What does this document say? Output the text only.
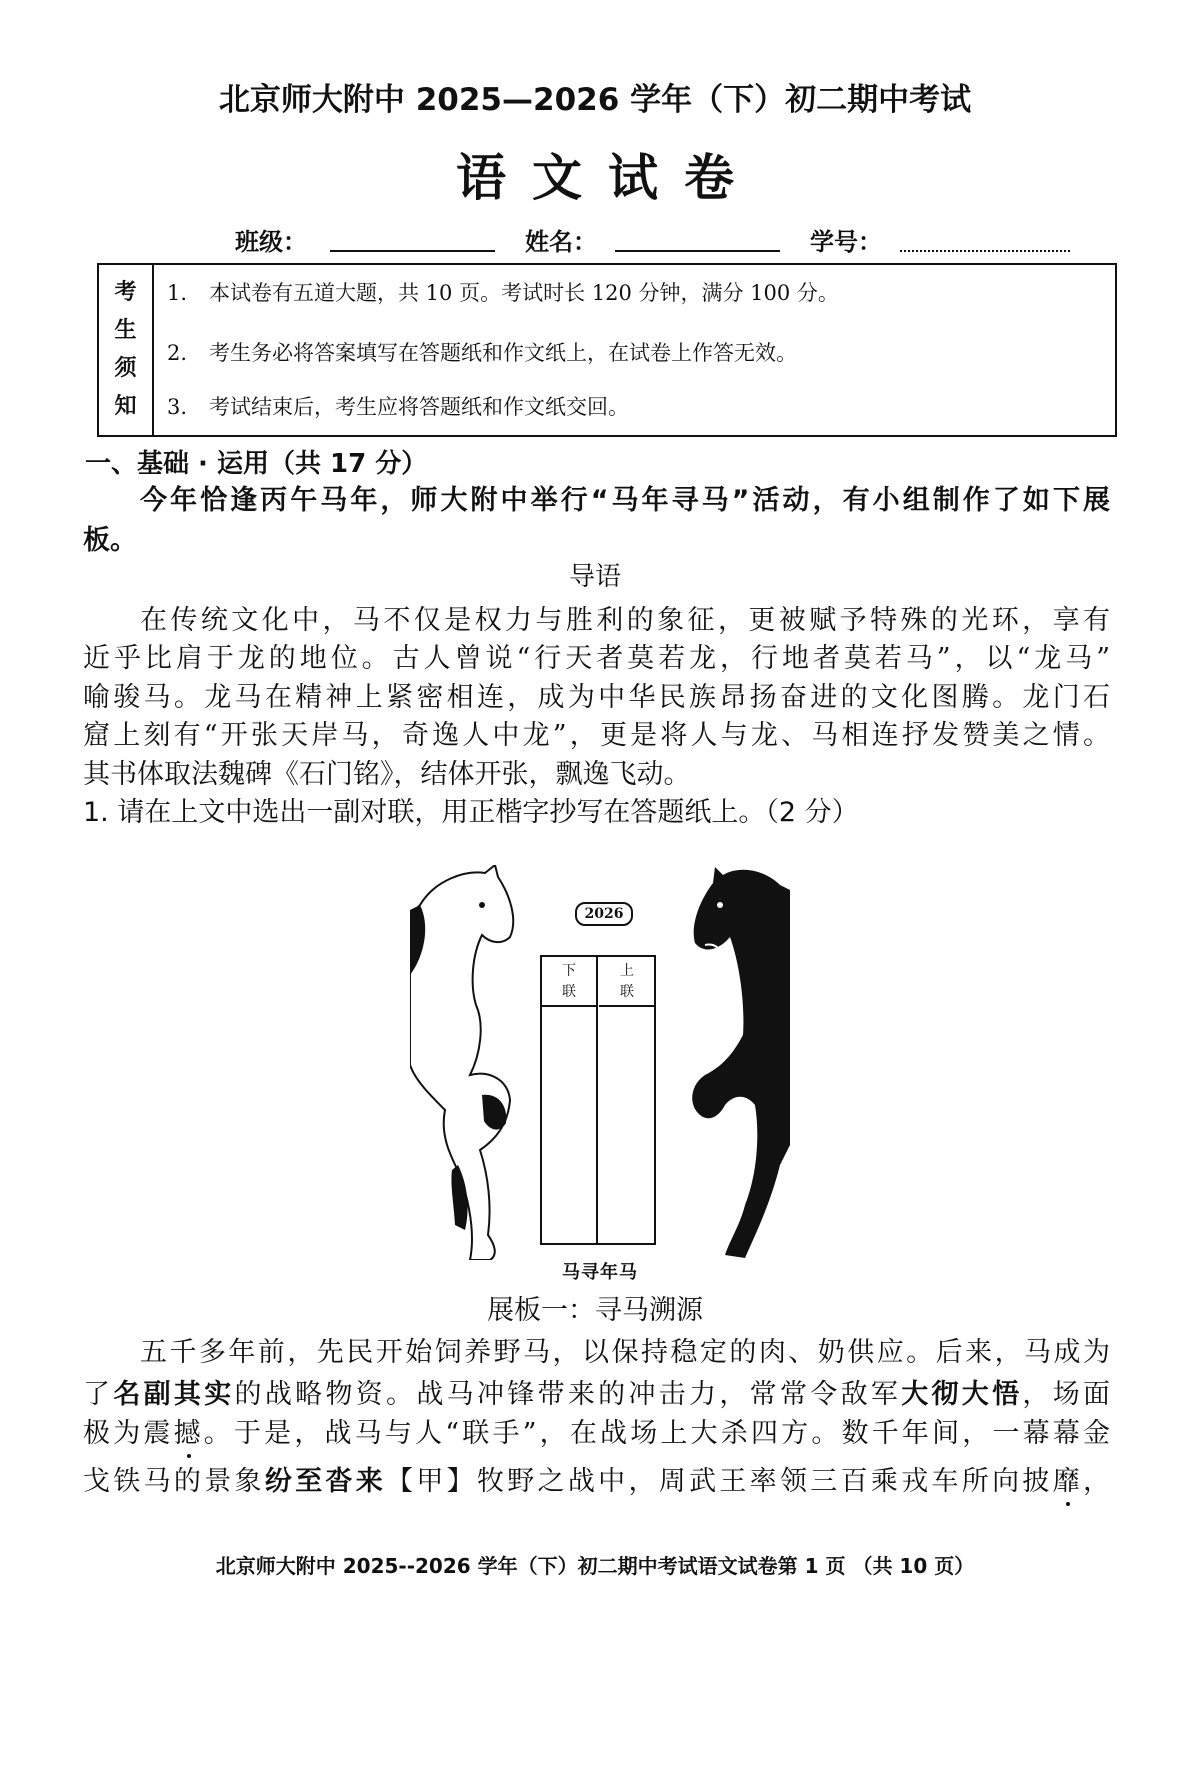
北京师大附中 2025—2026 学年（下）初二期中考试
语文试卷
班级：	姓名：	学号：
考
生
须
知
1. 本试卷有五道大题，共 10 页。考试时长 120 分钟，满分 100 分。
2. 考生务必将答案填写在答题纸和作文纸上，在试卷上作答无效。
3. 考试结束后，考生应将答题纸和作文纸交回。
一、基础 · 运用（共 17 分）
今年恰逢丙午马年，师大附中举行“马年寻马”活动，有小组制作了如下展
板。
导语
在传统文化中，马不仅是权力与胜利的象征，更被赋予特殊的光环，享有
近乎比肩于龙的地位。古人曾说“行天者莫若龙，行地者莫若马”，以“龙马”
喻骏马。龙马在精神上紧密相连，成为中华民族昂扬奋进的文化图腾。龙门石
窟上刻有“开张天岸马，奇逸人中龙”，更是将人与龙、马相连抒发赞美之情。
其书体取法魏碑《石门铭》，结体开张，飘逸飞动。
1. 请在上文中选出一副对联，用正楷字抄写在答题纸上。（2 分）
2026
下
联
上
联
马寻年马
展板一：寻马溯源
五千多年前，先民开始饲养野马，以保持稳定的肉、奶供应。后来，马成为
了名副其实的战略物资。战马冲锋带来的冲击力，常常令敌军大彻大悟，场面
极为震撼。于是，战马与人“联手”，在战场上大杀四方。数千年间，一幕幕金
戈铁马的景象纷至沓来【甲】牧野之战中，周武王率领三百乘戎车所向披靡，
北京师大附中 2025--2026 学年（下）初二期中考试语文试卷第 1 页 （共 10 页）
